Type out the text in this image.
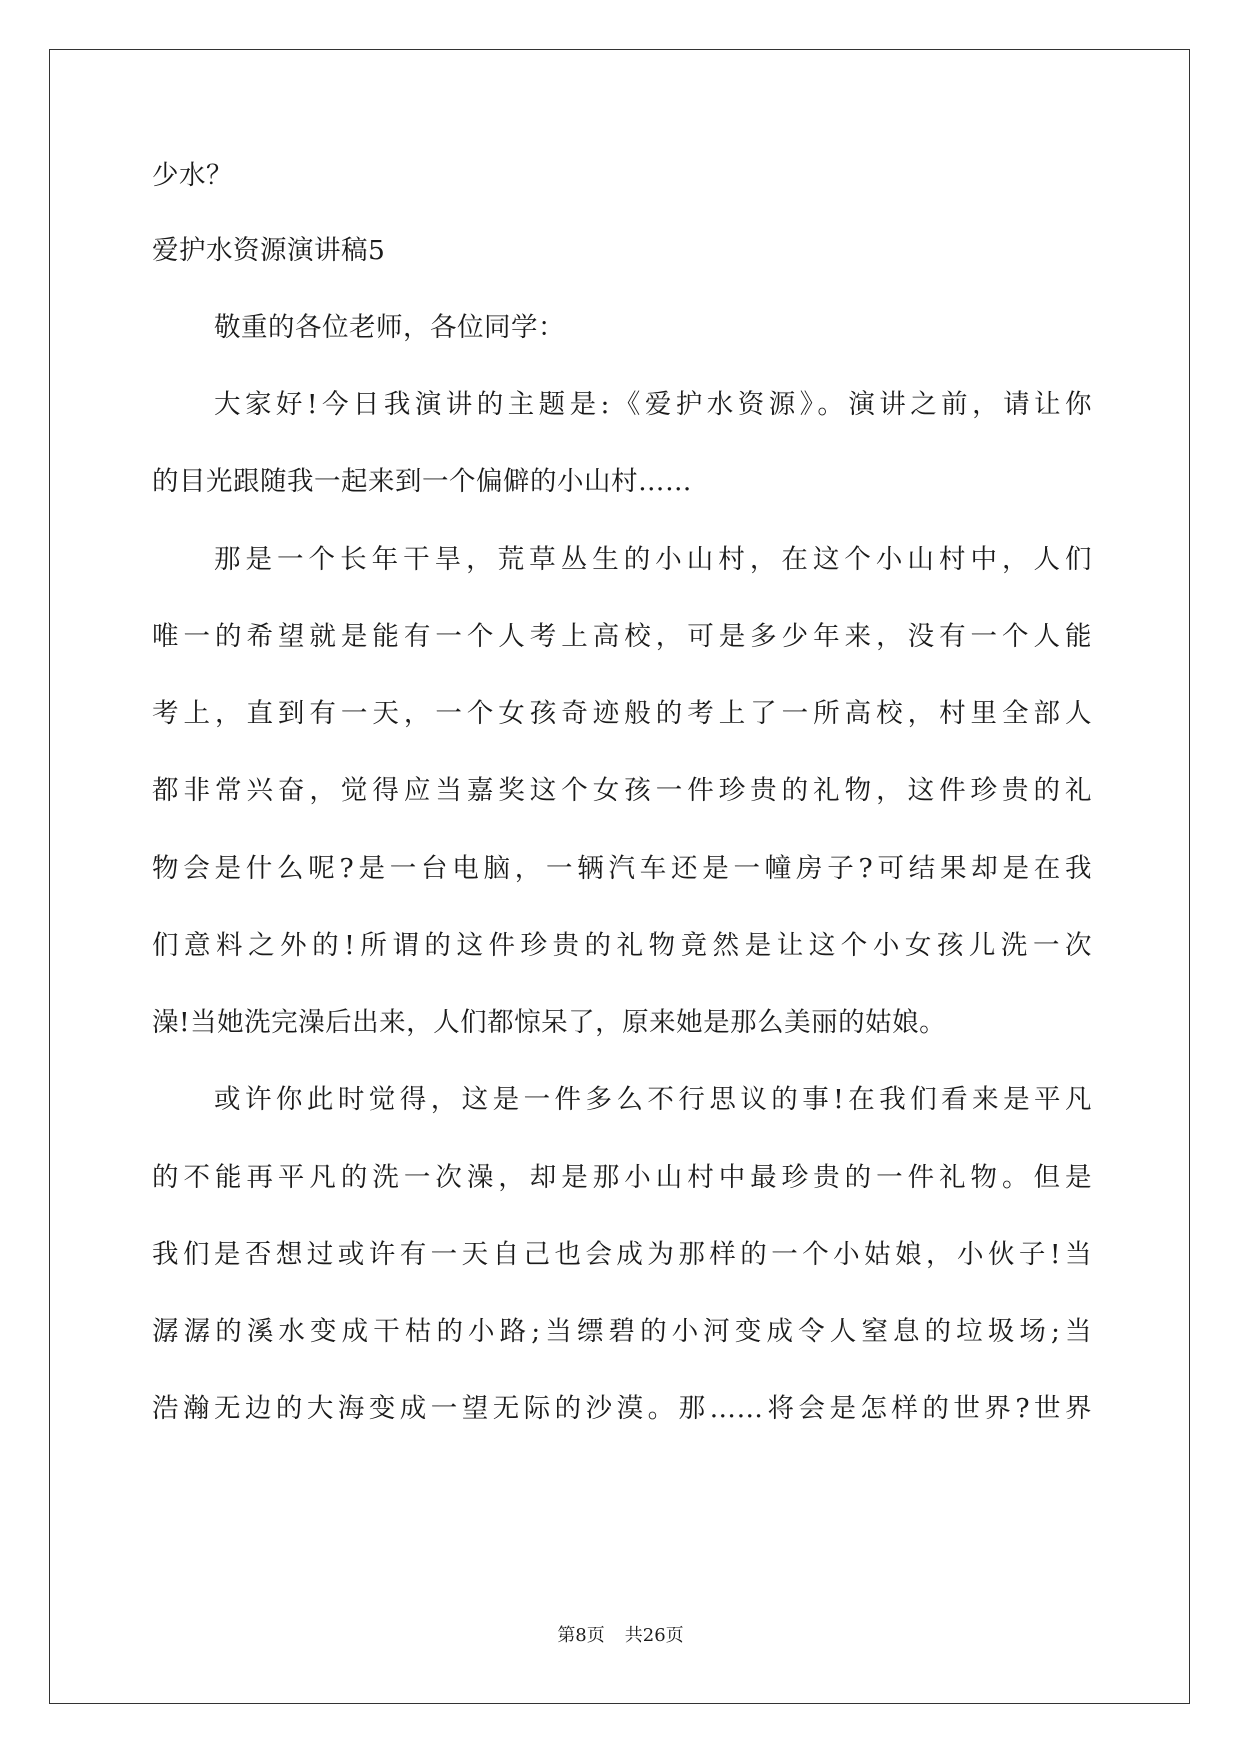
少水？

爱护水资源演讲稿5

敬重的各位老师，各位同学：

大家好!今日我演讲的主题是:《爱护水资源》。演讲之前，请让你

的目光跟随我一起来到一个偏僻的小山村……

那是一个长年干旱，荒草丛生的小山村，在这个小山村中，人们

唯一的希望就是能有一个人考上高校，可是多少年来，没有一个人能

考上，直到有一天，一个女孩奇迹般的考上了一所高校，村里全部人

都非常兴奋，觉得应当嘉奖这个女孩一件珍贵的礼物，这件珍贵的礼

物会是什么呢?是一台电脑，一辆汽车还是一幢房子?可结果却是在我

们意料之外的!所谓的这件珍贵的礼物竟然是让这个小女孩儿洗一次

澡!当她洗完澡后出来，人们都惊呆了，原来她是那么美丽的姑娘。

或许你此时觉得，这是一件多么不行思议的事!在我们看来是平凡

的不能再平凡的洗一次澡，却是那小山村中最珍贵的一件礼物。但是

我们是否想过或许有一天自己也会成为那样的一个小姑娘，小伙子!当

潺潺的溪水变成干枯的小路;当缥碧的小河变成令人窒息的垃圾场;当

浩瀚无边的大海变成一望无际的沙漠。那……将会是怎样的世界?世界

第8页 共26页
